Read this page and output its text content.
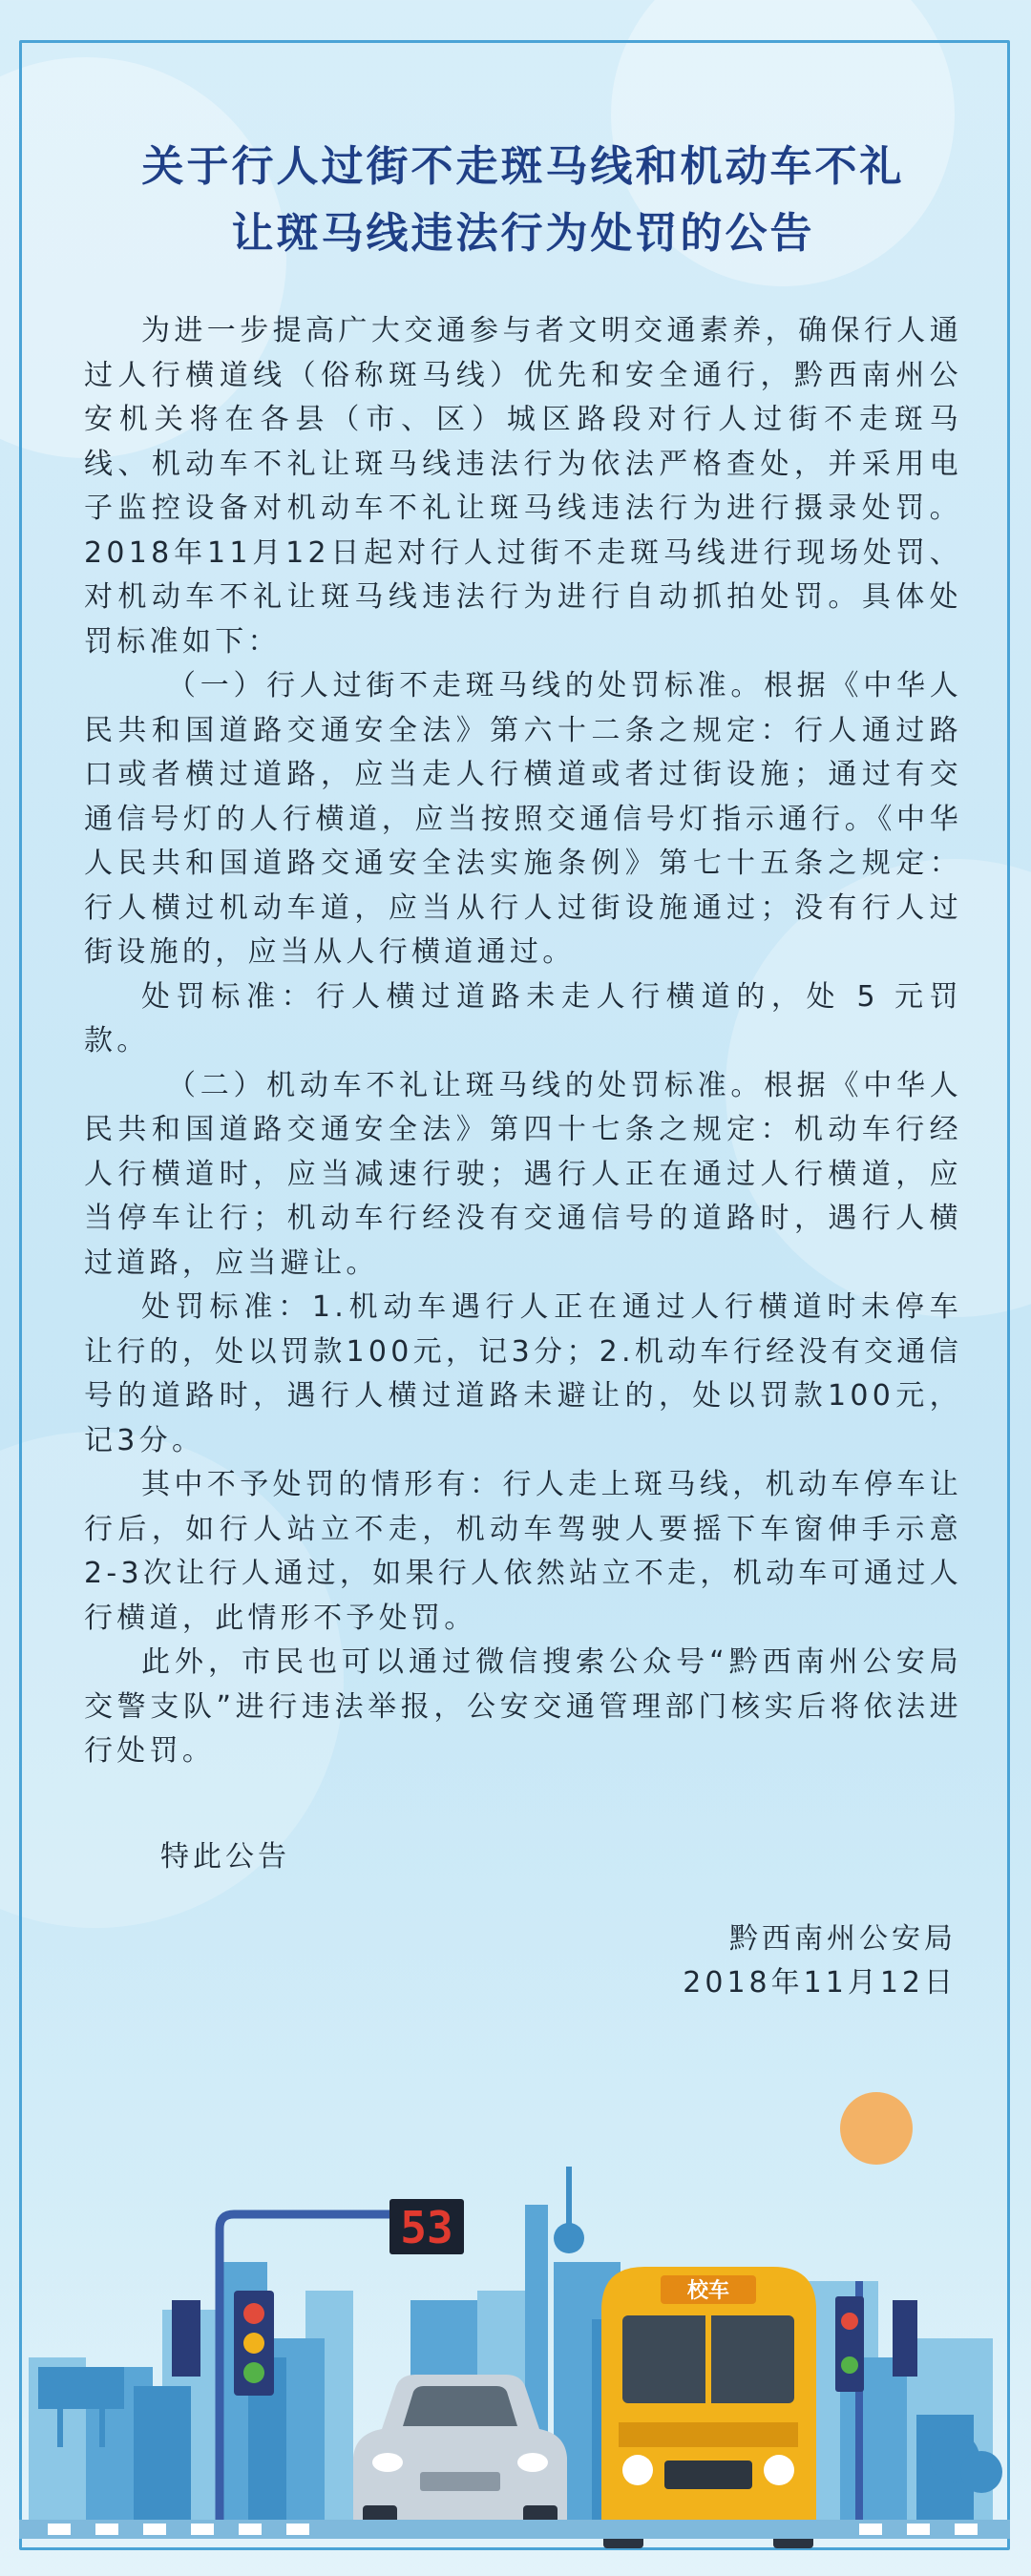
关于行人过街不走斑马线和机动车不礼
让斑马线违法行为处罚的公告

为进一步提高广大交通参与者文明交通素养，确保行人通过人行横道线（俗称斑马线）优先和安全通行，黔西南州公安机关将在各县（市、区）城区路段对行人过街不走斑马线、机动车不礼让斑马线违法行为依法严格查处，并采用电子监控设备对机动车不礼让斑马线违法行为进行摄录处罚。2018年11月12日起对行人过街不走斑马线进行现场处罚、对机动车不礼让斑马线违法行为进行自动抓拍处罚。具体处罚标准如下：

（一）行人过街不走斑马线的处罚标准。根据《中华人民共和国道路交通安全法》第六十二条之规定：行人通过路口或者横过道路，应当走人行横道或者过街设施；通过有交通信号灯的人行横道，应当按照交通信号灯指示通行。《中华人民共和国道路交通安全法实施条例》第七十五条之规定：行人横过机动车道，应当从行人过街设施通过；没有行人过街设施的，应当从人行横道通过。

处罚标准：行人横过道路未走人行横道的，处 5 元罚款。

（二）机动车不礼让斑马线的处罚标准。根据《中华人民共和国道路交通安全法》第四十七条之规定：机动车行经人行横道时，应当减速行驶；遇行人正在通过人行横道，应当停车让行；机动车行经没有交通信号的道路时，遇行人横过道路，应当避让。

处罚标准：1.机动车遇行人正在通过人行横道时未停车让行的，处以罚款100元，记3分；2.机动车行经没有交通信号的道路时，遇行人横过道路未避让的，处以罚款100元，记3分。

其中不予处罚的情形有：行人走上斑马线，机动车停车让行后，如行人站立不走，机动车驾驶人要摇下车窗伸手示意2-3次让行人通过，如果行人依然站立不走，机动车可通过人行横道，此情形不予处罚。

此外，市民也可以通过微信搜索公众号“黔西南州公安局交警支队”进行违法举报，公安交通管理部门核实后将依法进行处罚。

特此公告
黔西南州公安局
2018年11月12日
53
校车
